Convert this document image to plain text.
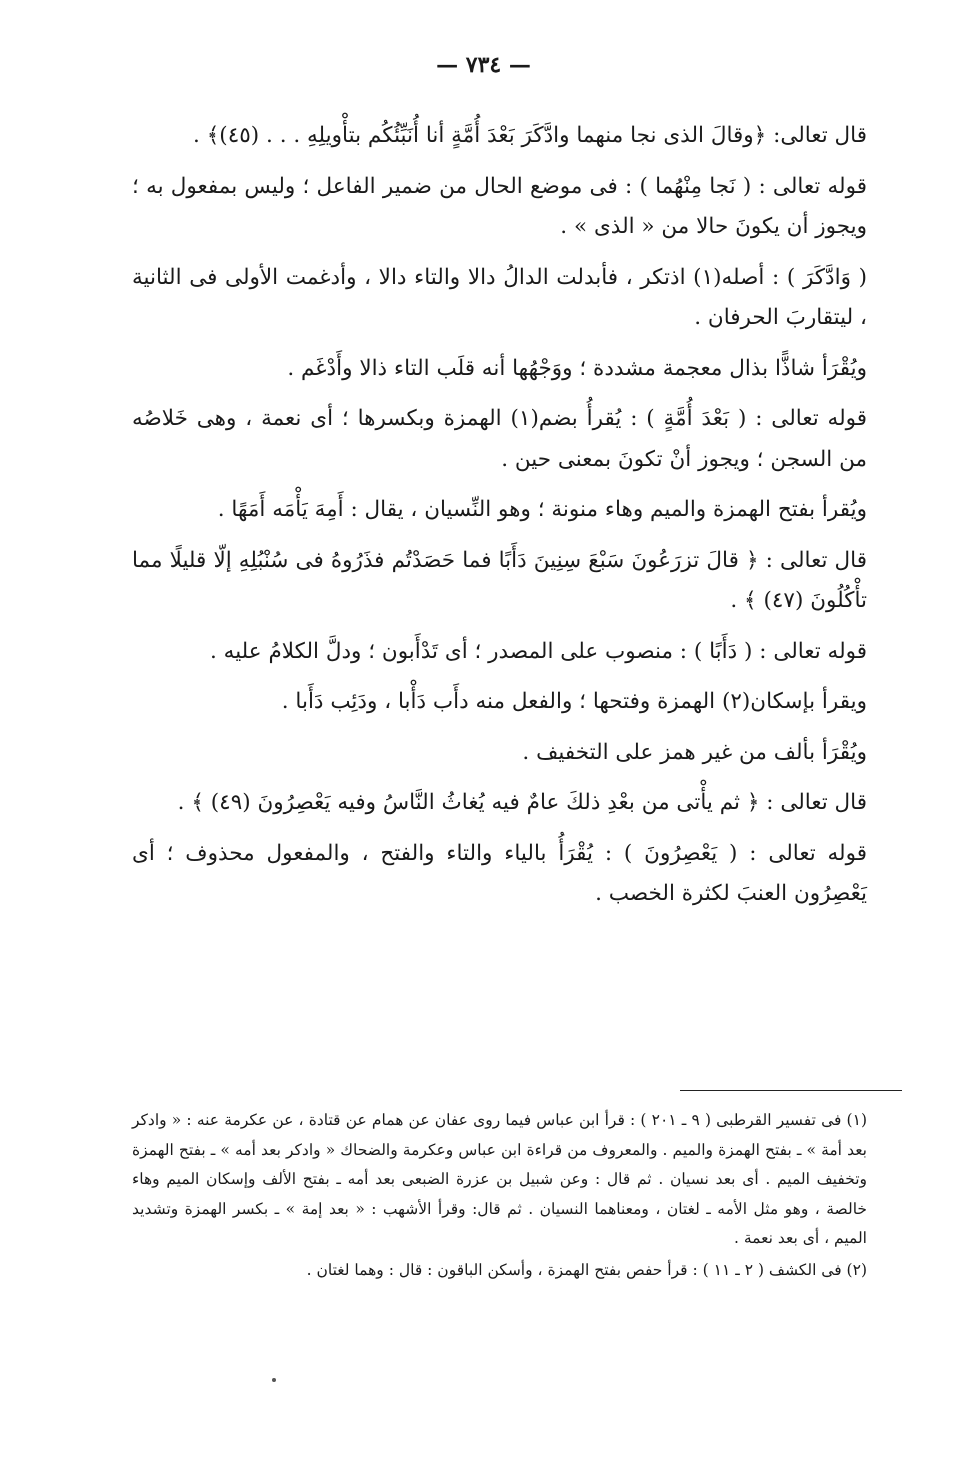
— ٧٣٤ —

قال تعالى: ﴿وقالَ الذى نجا منهما وادَّكَرَ بَعْدَ أُمَّةٍ أنا أُنَبِّئُكُم بتأْويلِهِ . . . (٤٥)﴾ .

قوله تعالى : ( نَجا مِنْهُما ) : فى موضع الحال من ضمير الفاعل ؛ وليس بمفعول به ؛ ويجوز أن يكونَ حالا من « الذى » .

( وَادَّكَرَ ) : أصله(١) اذتكر ، فأبدلت الدالُ دالا والتاء دالا ، وأدغمت الأولى فى الثانية ، ليتقاربَ الحرفان .

ويُقْرَأ شاذًّا بذال معجمة مشددة ؛ ووَجْهُها أنه قلَب التاء ذالا وأَدْغَم .

قوله تعالى : ( بَعْدَ أُمَّةٍ ) : يُقرأُ بضم(١) الهمزة وبكسرها ؛ أى نعمة ، وهى خَلاصُه من السجن ؛ ويجوز أنْ تكونَ بمعنى حين .

ويُقرأ بفتح الهمزة والميم وهاء منونة ؛ وهو النِّسيان ، يقال : أَمِهَ يَأْمَه أَمَهًا .

قال تعالى : ﴿ قالَ تزرَعُونَ سَبْعَ سِنِينَ دَأَبًا فما حَصَدْتُم فذَرُوهُ فى سُنْبُلِهِ إلّا قليلًا مما تأْكُلُونَ (٤٧) ﴾ .

قوله تعالى : ( دَأَبًا ) : منصوب على المصدر ؛ أى تَدْأَبون ؛ ودلَّ الكلامُ عليه .

ويقرأ بإسكان(٢) الهمزة وفتحها ؛ والفعل منه دأَب دَأْبا ، ودَئِب دَأَبا .

ويُقْرَأ بألف من غير همز على التخفيف .

قال تعالى : ﴿ ثم يأْتى من بعْدِ ذلكَ عامٌ فيه يُغاثُ النَّاسُ وفيه يَعْصِرُونَ (٤٩) ﴾ .

قوله تعالى : ( يَعْصِرُونَ ) : يُقْرَأُ بالياء والتاء والفتح ، والمفعول محذوف ؛ أى يَعْصِرُون العنبَ لكثرة الخصب .

(١) فى تفسير القرطبى ( ٩ ـ ٢٠١ ) : قرأ ابن عباس فيما روى عفان عن همام عن قتادة ، عن عكرمة عنه : « وادكر بعد أمة » ـ بفتح الهمزة والميم . والمعروف من قراءة ابن عباس وعكرمة والضحاك « وادكر بعد أمه » ـ بفتح الهمزة وتخفيف الميم . أى بعد نسيان . ثم قال : وعن شبيل بن عزرة الضبعى بعد أمه ـ بفتح الألف وإسكان الميم وهاء خالصة ، وهو مثل الأمه ـ لغتان ، ومعناهما النسيان . ثم قال: وقرأ الأشهب : « بعد إمة » ـ بكسر الهمزة وتشديد الميم ، أى بعد نعمة .

(٢) فى الكشف ( ٢ ـ ١١ ) : قرأ حفص بفتح الهمزة ، وأسكن الباقون : قال : وهما لغتان .
